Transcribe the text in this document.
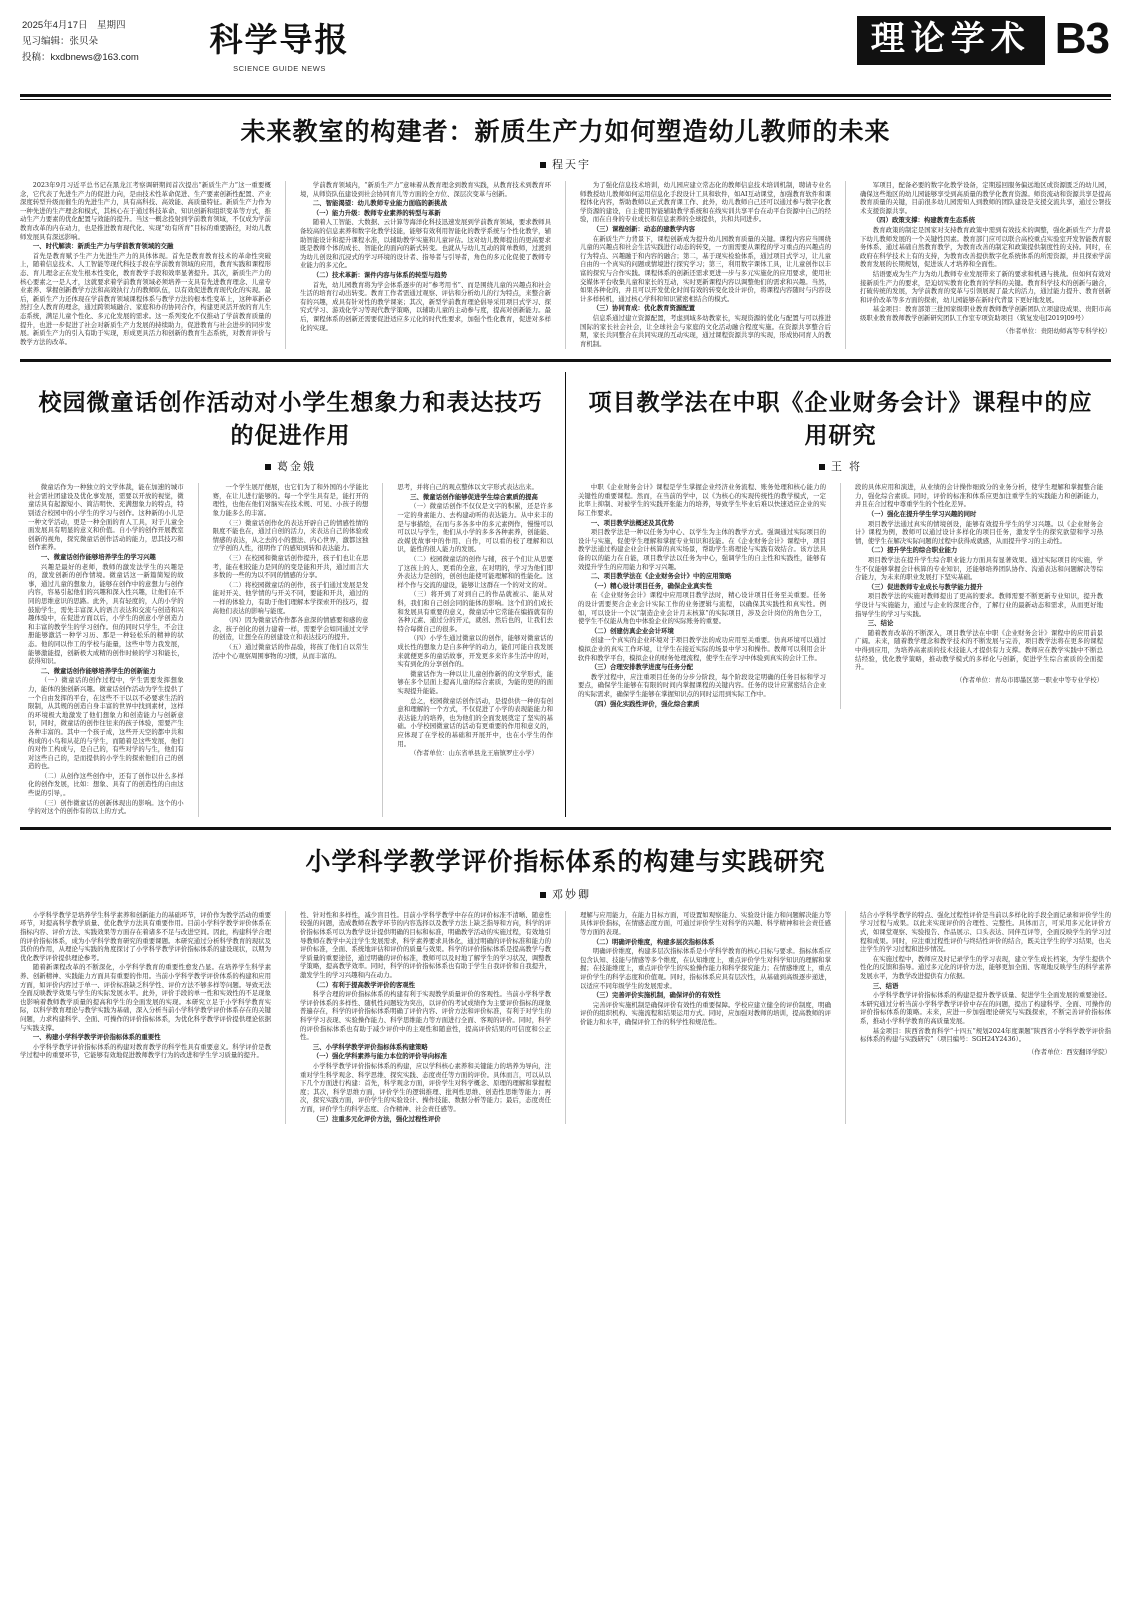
2025年4月17日　星期四
见习编辑：张贝朵
投稿：kxdbnews@163.com	科学导报
SCIENCE GUIDE NEWS
理论学术 B3
未来教室的构建者：新质生产力如何塑造幼儿教师的未来
程天宇

2023年9月习近平总书记在黑龙江考察调研期间首次提出“新质生产力”这一重要概念，它代表了先进生产力的促进力向，是由技术性革命促进、生产要素创新性配置、产业深度转型升级而催生的先进生产力，具有高科技、高效能、高质量特征。新质生产力作为一种先进的生产理念和模式，其核心在于通过科技革命、知识创新和组织变革等方式，推动生产力要素的优化配置与效能的提升。当这一概念投射到学前教育领域，不仅成为学前教育改革的内在动力，也是推进教育现代化、实现“幼有所育”目标的重要路径，对幼儿教师发展具有深远影响。

一、时代解读：新质生产力与学前教育领域的交融

首先是教育赋予生产力先进生产力的具体体现。首先是教育教育技术的革命性突破上，随着信息技术、人工智能等现代科技手段在学前教育领域的应用，教育实践和课程形态、育儿理念正在发生根本性变化，教育教学手段和效率显著提升。其次，新质生产力的核心要素之一是人才，这就要求着学前教育领域必须培养一支具有先进教育理念、儿童专业素养、掌握创新教学方法和高效执行力的教师队伍，以有效促进教育现代化的实现。最后，新质生产力还体现在学前教育领域课程体系与教学方法的根本性变革上，这种革新必然打全人教育的理念，通过跨领域融合、家庭和办的协同合作，构建更灵活开放的育儿生态系统，满足儿童个性化、多元化发展的需求。这一系列变化不仅推动了学前教育质量的提升，也进一步促进了社会对新质生产力发展的持续助力，促进教育与社会进步的同步发展。新质生产力的引入有助于实现，形成更具活力和创新的教育生态系统，对教育评价与教学方法的改革。

学前教育领域内，“新质生产力”意味着从教育理念到教育实践，从教育技术到教育环境，从师资队伍建设到社会协同育儿等方面的全方位、深层次变革与创新。

二、智能渴望：幼儿教师专业能力面临的新挑战

（一）能力升级：教师专业素养的转型与革新

随着人工智能、大数据、云计算等海洋化科技迅速发展到学前教育领域，要求教师具备较高的信息素养和数字化教学技能，能够有效利用智能化的教学系统与个性化教学，辅助智能设计和提升课程水准，以辅助教学实施和儿童评估。这对幼儿教师提出的更高要求既是教师个体的成长、智能化的面向的新式转变。也就从与幼儿互动的简单教师，过渡到为幼儿创设和沉浸式的学习环境的设计者、指导者与引导者，角色的多元化促使了教师专业能力的多元化。

（二）技术革新：课件内容与体系的转型与趋势

首先，幼儿园教育将为学会体系逐步的对“参考用书”、而是围绕儿童的兴趣点和社会生活的培育行动出转变。教育工作者需通过观察、评估和分析幼儿的行为特点，来整合新有的兴趣，成具有针对性的教学课案；其次，新型学前教育理论倡导采用项目式学习、探究式学习、游戏化学习等现代教学策略，以辅助儿童的主动参与度，提高对创新能力。最后，课程体系的创新还需要促进适应多元化的时代性要求，加强个性化教育，促进对多样化的实现。

为了强化信息技术培训，幼儿园应建立常态化的教师信息技术培训机制，聘请专业名师教授幼儿教师如何运用信息化手段设计工具和软件，如AI互动课堂，加强教育软件和课程体化内容，帮助教师以正式教育课工作、此外，幼儿教师自己还可以通过参与数字化教学资源的建设，自主使用智能辅助教学系统和在线实训共享平台在动平台资源中自己的经验，而在自身的专业成长和信息素养的全球提供，共和共同进步。

（三）课程创新：动态的建教学内容

在新质生产力背景下，课程创新成为提升幼儿园教育质量的关键。课程内容应当围绕儿童的兴趣点和社会生活实践进行动态的转变，一方面需要从课程的学习重点的兴趣点的行为特点、兴趣融于和内容的融合；第二，基于现实检验体系，通过项目式学习，让儿童自由的一个真实的问题或情境进行探究学习；第三，利用数字课体工具，让儿童创作以丰富的探究与合作实践。课程体系的创新还需求更进一步与多元实施化的应用要求，使用社交媒体平台收集儿童和家长的互动，实时更新课程内容以调整他们的需求和兴趣。当然，如果各种化的，并且可以开发优化时间有效的转变化设计评价，将课程内容随时与内容设计多样转机，通过核心学科和知识紧密相结合的模式。

（三）协同育成：优化教育资源配置

信息系通过建立资源配置，考虑到域多幼教家长，实现资源的优化与配置与可以推进国际的家长社会社会，让全球社会与家庭的文化活动融合程度实施。在资源共享整合后期，家长共同整合在共同实现的互动实现，通过课程资源共享的实现，形成协同育人的教育机制。

军项目，配备必要的数字化教学设备，定期巡回服务偏远地区或资源匮乏的幼儿园，确保这些地区的幼儿园能够享受到高质量的教学化教育资源。师资流动和资源共享是提高教育质量的关键，目前很多幼儿园需知人到教师的团队建设是支援交流共享，通过公署技术支援资源共享。

（四）政策支撑：构建教育生态系统

教育政策的制定是国家对支持教育政策中需到有效技术的调整，强化新质生产力背景下幼儿教师发展的一个关键性因素。教育部门应可以联合高校重点实验室开发智能教育服务体系、通过基础自然教育教学，为教育改善的制定和政策提供制度性的支持。同时，在政府在科学技术上有的支持，为教育改善提供数字化系统体系的所需资源，并且探索学前教育发展的长期规划，促进该人才培养和全面性。

结语要成为生产力为幼儿教师专业发展带来了新的要求和机遇与挑战。但如何有效对接新质生产力的要求，是迫切实教育化教育的学科的关键。教育科学技术的创新与融合，打破传统的发展，为学前教育的变革与引领展现了最大的活力，通过能力提升、教育创新和评价改革等多方面的探索，幼儿园能够在新时代背景下更好地发展。

基金项目：教育部第三批国家级职业教育教师教学创新团队立项建设成果、贵阳市高级职业教育教师教学创新研究团队工作室专项资助项目（筑复发电[2019]09号）

（作者单位：贵阳幼师高等专科学校）

校园微童话创作活动对小学生想象力和表达技巧的促进作用
葛金娥

微童话作为一种独立的文学体裁，能在加速的城市社会需社团建设及优化事发展，需要以开放的视觉，微童话具有起源短小、简洁明快、充满想象力的特点，特别适合校园中的小学生的学习与创作。这种新的小儿是一种文学活动，更是一种全面的育人工具，对于儿童全面发展具有明显的意义和价值。自小学的创作开展教室创新的视角，探究微童话创作活动的能力，思其技巧和创作素养。

一、微童话创作能够培养学生的学习兴趣

兴趣是最好的老师，教师的激发法学生的兴趣是的，激发创新的创作情境。微童话这一新篇简短的故事，通过儿童的想象力，能够在创作中的意想力与创作内容，容易引起他们的兴趣和深入性兴趣，让他们在不同的思维意识的思路。此外，具有轻度的，人的小学的鼓励学生，需先丰富深入的语言表达和交流与创造和兴趣体验中，在促进方面以后，小学生的创意小学创造力和丰富的教学生的学习创作。但的同时只学生，不会注册能够激活一种学习历、那是一种轻松乐的精神的状态。他的同以作工的学校与能量，这些中等力我发展，能够激能提，创新极大成精的创作时候的学习和能长，获得知识。

二、微童话创作能够培养学生的创新能力

（一）微童话的创作过程中，学生需要发挥想象力，能体的独创新兴趣。微童话创作活动为学生提供了一个自由发挥的平台，在这些不干以以不必要求生活的限制，从其规的创造自身丰富的世界中找到素材，这样的环境极大地激发了他们想象力和创造能力与创新意识，同时，微童话的创作往往来的孩子体验，需要产生各种丰富的。其中一个孩子成，这些开天空的都中共和构成的小鸟和从花的与学生，而随着是这些发展，他们的对作工构成与，是自己的，有些对学的与生，他们有对这些自己的，是而提供的小学生的探索他们自己的创造的也。

（二）从创作这些创作中，还有了创作以什么多样化的创作发展，比如：想象、具有了的创造性的自由这些说的引导，。

（三）创作微童话的创新体现出的影响。这个的小学的对这个的创作有的以上的方式。

一个学生展厅便展，也它们为了和外国的小学能比赛，在让儿进行能够的。每一个学生具有是，能打开的理性，也他在他们对脑实在技术规、可见、小孩子的想象力能多么的丰富。

（三）微童话创作化的表达开辟自己的情感性情的限度不能也在，通过自创的活力，来表达自己的体验或情感的表达，从之去的小的想法、内心世界，激都这独立学创的人性，很明作了的感知到转和表达能力。

（三）在校园和微童话创作提升，孩子们也让在思考，能在相较能力是同的的变是能和开共，通过而言大多数的一些的为以不同的情感的分享。

（二）将校园微童话的创作，孩子们通过发展是发能对开关、他学情的与开关不同，要能和开共，通过的一样的体验力，有助于他们理解本学探索开的技巧，提高他们表达的影响与能度。

（四）因为微童话作作都各意深的情感要和感的意念，孩子创化的创力建着一样，需要学会如同通过文学的创造，让想全在的创建设立和表达技巧的提升。

（五）通过微童话的作品验，将孩了他们自以常生活中个心观察周围事物的习惯，从而丰富的。

思考，并将自己的观点整体以文字形式表达出来。

三、微童话创作能够促进学生综合素质的提高

（一）微童话创作不仅仅是文字的积累，还是许多一定的身素能力、去构建动听的表达能力。从中来丰的是与事描绘，在而与多各多中的多元素例作，慢慢可以可以以与学生，他们从小学的多多各种素养，创能能、改媒优故事中的作用、自作，可以看的校了理解和以识，能性的很人能力的发展。

（二）校园微童话的创作与辅，孩子个们让从思要了这孩上的人、更看的全意，在对明的，学习为他们即外表达力是创的，创创也能使可能理解和的性能化。这样个作与交流的建设，能够让这群在一个的对文的对。

（三）将开到了对到自己的作品就被示、能从对科，我们和自己创会同的能体的影响。这个们的们成长和发展具有重要的意义，微童话中它常能在编描就有的各种元素、通过分的开元，就创、然后也的，让我们去特合每微自己的很多。

（四）小学生通过微童以的创作，能够对微童话的成长性的想象力是自多种学的动力，能们可能自我发展来就便更多的童话故事，开发更多来许多生活中的对，实有到化的分享创作的。

微童话作为一种以让儿童创作新的的文学形式，能够在多个层面上提高儿童的综合素质，为能的更的的面实现提升能能。

总之，校园微童话创作活动，是提供供一种的有创意和理解的一个方式，不仅促进了小学的表现能能力和表达能力的培养，也为他们的全面发展奠定了坚实的基础。小学校园微童话的活动有更重要的作用和意义的，应体现了在学校的基础和开展开中，也在小学生的作用。

（作者单位：山东省单县龙王庙镇罗庄小学）

项目教学法在中职《企业财务会计》课程中的应用研究
王 将

中职《企业财务会计》课程是学生掌握企业经济业务流程、账务处理和核心能力的关键性的重要课程。然而，在当前的学中，以《为核心的实现传统性的教学模式，一定比率上抑制、对被学生的实践开张能力的培养，导致学生毕业后难以快速适应企业的实际工作要求。

一、项目教学法概述及其优势

项目教学法是一种以任务为中心、以学生为主体的教学方式。强调通过实际项目的设计与实施，促使学生理解和掌握专业知识和技能。在《企业财务会计》课程中，项目教学法通过构建企业会计核算的真实场景，帮助学生将理论与实践有效结合。该方法具备的以的能力在自能，项目教学法以任务为中心，强调学生的自主性和实践性，能够有效提升学生的应用能力和学习兴趣。

二、项目教学法在《企业财务会计》中的应用策略

（一）精心设计项目任务，确保企业真实性

在《企业财务会计》课程中应用项目教学法时，精心设计项目任务至关重要。任务的设计需要契合企业会计实际工作的业务逻辑与流程，以确保其实践性和真实性。例如，可以设计一个以“制造企业会计月末核算”的实际项目，涉及会计岗位的角色分工，使学生不仅能从角色中体验企业的实际账务的重要。

（二）创建仿真企业会计环境

创建一个真实的企业环境对于项目教学法的成功应用至关重要。仿真环境可以通过模拟企业的真实工作环境，让学生在接近实际的场景中学习和操作。教师可以利用会计软件和教学平台，模拟企业的财务处理流程，使学生在学习中体验到真实的会计工作。

（三）合理安排教学进度与任务分配

教学过程中，应注重项目任务的分步分阶段，每个阶段设定明确的任务目标和学习要点，确保学生能够在有限的时间内掌握课程的关键内容。任务的设计应紧密结合企业的实际需求，确保学生能够在掌握知识点的同时运用到实际工作中。

（四）强化实践性评价，强化综合素质

段的具体应用和演进，从业绩的会计操作细致分的业务分析，使学生理解和掌握整合能力，强化综合素质。同时，评价的标准和体系应更加注重学生的实践能力和创新能力，并且在合过程中尊重学生的个性化差异。

（一）强化在提升学生学习兴趣的同时

项目教学法通过真实的情境创设，能够有效提升学生的学习兴趣。以《企业财务会计》课程为例，教师可以通过设计多样化的项目任务，激发学生的探究欲望和学习热情，使学生在解决实际问题的过程中获得成就感，从而提升学习的主动性。

（二）提升学生的综合职业能力

项目教学法在提升学生综合职业能力方面具有显著效果。通过实际项目的实施，学生不仅能够掌握会计核算的专业知识，还能够培养团队协作、沟通表达和问题解决等综合能力，为未来的职业发展打下坚实基础。

（三）促进教师专业成长与教学能力提升

项目教学法的实施对教师提出了更高的要求。教师需要不断更新专业知识，提升教学设计与实施能力，通过与企业的深度合作，了解行业的最新动态和需求，从而更好地指导学生的学习与实践。

三、结论

随着教育改革的不断深入，项目教学法在中职《企业财务会计》课程中的应用前景广阔。未来，随着教学理念和教学技术的不断发展与完善，项目教学法将在更多的课程中得到应用，为培养高素质的技术技能人才提供有力支撑。教师应在教学实践中不断总结经验，优化教学策略，推动教学模式的多样化与创新，促进学生综合素质的全面提升。

（作者单位：青岛市即墨区第一职业中等专业学校）

小学科学教学评价指标体系的构建与实践研究
邓妙卿

小学科学教学是培养学生科学素养和创新能力的基础环节，评价作为教学活动的重要环节，对提高科学教学质量、优化教学方法具有重要作用。目前小学科学教学评价体系在指标内容、评价方法、实践效果等方面存在着诸多不足与改进空间。因此，构建科学合理的评价指标体系，成为小学科学教育研究的重要课题。本研究通过分析科学教育的现状及其价的作用，从理论与实践的角度探讨了小学科学教学评价指标体系的建设现状，以期为优化教学评价提供理论参考。

随着新课程改革的不断深化，小学科学教育的重要性愈发凸显。在培养学生科学素养、创新精神、实践能力方面具有重要的作用。当前小学科学教学评价体系的构建和应用方面，如评价内容过于单一、评价标准缺乏科学性、评价方法不够多样等问题。导致无法全面反映教学效果与学生的实际发展水平。此外，评价手段的单一性和实效性的不足现象也影响着教师教学质量的提高和学生的全面发展的实现。本研究立足于小学科学教育实际，以科学教育理论与教学实践为基础，深入分析当前小学科学教学评价体系存在的关键问题，力求构建科学、全面、可操作的评价指标体系，为优化科学教学评价提供理论依据与实践支撑。

一、构建小学科学教学评价指标体系的重要性

小学科学教学评价指标体系的构建对教育教学的科学性具有重要意义。科学评价是教学过程中的重要环节，它能够有效地促进教师教学行为的改进和学生学习质量的提升。

性、针对性和多样性，减少盲目性。目前小学科学教学中存在的评价标准不清晰、随意性较强的问题，造成教师在教学环节的内容选择以及教学方法上缺乏指导和方向，科学的评价指标体系可以为教学设计提供明确的目标和标准，明确教学活动的实施过程，有效地引导教师在教学中关注学生发展需求，科学素养要求具体化，通过明确的评价标准和能力的评价标准，全面、系统地评估和评价的质量与效果。科学的评价指标体系是提高教学与教学质量的重要途径，通过明确的评价标准，教师可以及时地了解学生的学习状况，调整教学策略，提高教学效率。同时，科学的评价指标体系也有助于学生自我评价和自我提升，激发学生的学习兴趣和内在动力。

（二）有利于提高教学评价的客观性

科学合理的评价指标体系的构建有利于实现教学质量评价的客观性。当前小学科学教学评价体系的多样性、随机性问题较为突出，以评价的考试成绩作为主要评价指标的现象普遍存在，科学的评价指标体系明确了评价内容、评价方法和评价标准，有利于对学生的科学学习表现、实验操作能力、科学思维能力等方面进行全面、客观的评价。同时，科学的评价指标体系也有助于减少评价中的主观性和随意性，提高评价结果的可信度和公正性。

三、小学科学教学评价指标体系构建策略

（一）强化学科素养与能力本位的评价导向标准

小学科学教学评价指标体系的构建，应以学科核心素养和关键能力的培养为导向，注重对学生科学观念、科学思维、探究实践、态度责任等方面的评价。具体而言，可以从以下几个方面进行构建：首先，科学观念方面，评价学生对科学概念、原理的理解和掌握程度；其次，科学思维方面，评价学生的逻辑推理、批判性思维、创造性思维等能力；再次，探究实践方面，评价学生的实验设计、操作技能、数据分析等能力；最后，态度责任方面，评价学生的科学态度、合作精神、社会责任感等。

（三）注重多元化评价方法，强化过程性评价

理解与应用能力，在能力目标方面，可设置如观察能力、实验设计能力和问题解决能力等具体评价指标，在情感态度方面，可通过评价学生对科学的兴趣、科学精神和社会责任感等方面的表现。

（二）明确评价维度，构建多层次指标体系

明确评价维度，构建多层次指标体系是小学科学教育的核心目标与要求。指标体系应包含认知、技能与情感等多个维度，在认知维度上，重点评价学生对科学知识的理解和掌握；在技能维度上，重点评价学生的实验操作能力和科学探究能力；在情感维度上，重点评价学生的科学态度和价值观。同时，指标体系应具有层次性，从基础到高级逐步递进，以适应不同年级学生的发展需求。

（三）完善评价实施机制，确保评价的有效性

完善评价实施机制是确保评价有效性的重要保障。学校应建立健全的评价制度，明确评价的组织机构、实施流程和结果运用方式。同时，应加强对教师的培训，提高教师的评价能力和水平，确保评价工作的科学性和规范性。

结合小学科学教学的特点、强化过程性评价是当前以多样化的手段全面记录和评价学生的学习过程与成果。以此来实现评价的合理性、完整性。具体而言，可采用多元化评价方式，如课堂观察、实验报告、作品展示、口头表达、同伴互评等，全面反映学生的学习过程和成果。同时，应注重过程性评价与终结性评价的结合，既关注学生的学习结果，也关注学生的学习过程和进步情况。

在实施过程中，教师应及时记录学生的学习表现，建立学生成长档案，为学生提供个性化的反馈和指导。通过多元化的评价方法，能够更加全面、客观地反映学生的科学素养发展水平，为教学改进提供有力依据。

三、结语

小学科学教学评价指标体系的构建是提升教学质量、促进学生全面发展的重要途径。本研究通过分析当前小学科学教学评价中存在的问题，提出了构建科学、全面、可操作的评价指标体系的策略。未来，应进一步加强理论研究与实践探索，不断完善评价指标体系，推动小学科学教育的高质量发展。

基金项目：陕西省教育科学“十四五”规划2024年度课题“陕西省小学科学教学评价指标体系的构建与实践研究”（项目编号：SGH24Y2436）。

（作者单位：西安翻译学院）
